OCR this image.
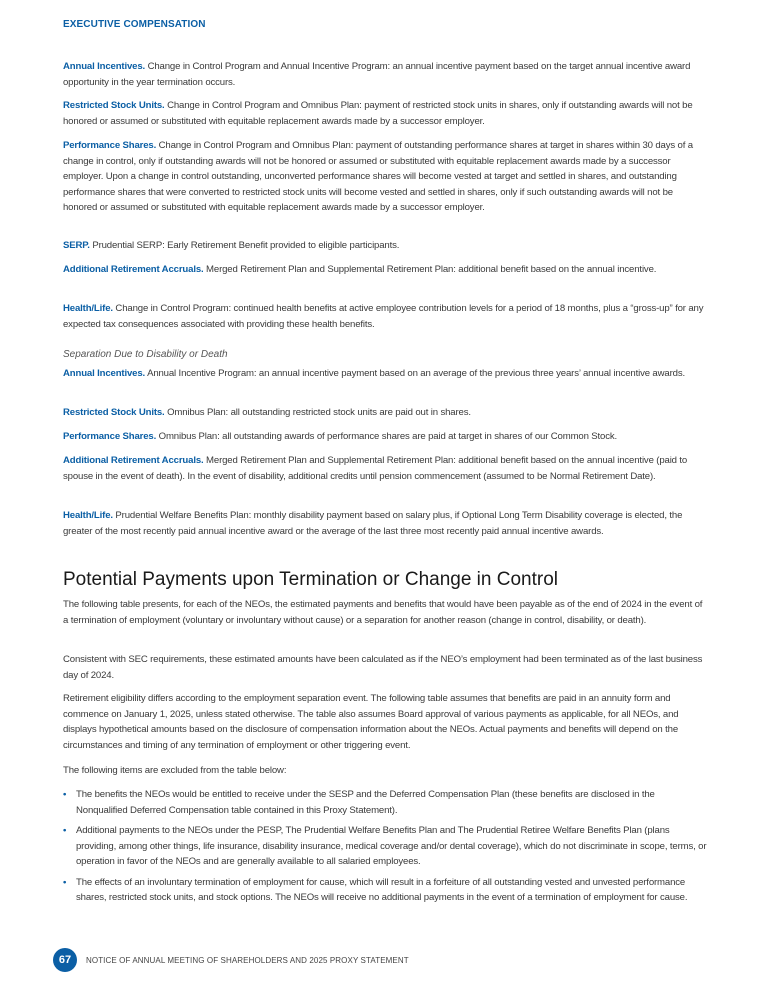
EXECUTIVE COMPENSATION

Annual Incentives. Change in Control Program and Annual Incentive Program: an annual incentive payment based on the target annual incentive award opportunity in the year termination occurs.

Restricted Stock Units. Change in Control Program and Omnibus Plan: payment of restricted stock units in shares, only if outstanding awards will not be honored or assumed or substituted with equitable replacement awards made by a successor employer.

Performance Shares. Change in Control Program and Omnibus Plan: payment of outstanding performance shares at target in shares within 30 days of a change in control, only if outstanding awards will not be honored or assumed or substituted with equitable replacement awards made by a successor employer. Upon a change in control outstanding, unconverted performance shares will become vested at target and settled in shares, and outstanding performance shares that were converted to restricted stock units will become vested and settled in shares, only if such outstanding awards will not be honored or assumed or substituted with equitable replacement awards made by a successor employer.

SERP. Prudential SERP: Early Retirement Benefit provided to eligible participants.

Additional Retirement Accruals. Merged Retirement Plan and Supplemental Retirement Plan: additional benefit based on the annual incentive.

Health/Life. Change in Control Program: continued health benefits at active employee contribution levels for a period of 18 months, plus a “gross-up” for any expected tax consequences associated with providing these health benefits.

Separation Due to Disability or Death

Annual Incentives. Annual Incentive Program: an annual incentive payment based on an average of the previous three years’ annual incentive awards.

Restricted Stock Units. Omnibus Plan: all outstanding restricted stock units are paid out in shares.

Performance Shares. Omnibus Plan: all outstanding awards of performance shares are paid at target in shares of our Common Stock.

Additional Retirement Accruals. Merged Retirement Plan and Supplemental Retirement Plan: additional benefit based on the annual incentive (paid to spouse in the event of death). In the event of disability, additional credits until pension commencement (assumed to be Normal Retirement Date).

Health/Life. Prudential Welfare Benefits Plan: monthly disability payment based on salary plus, if Optional Long Term Disability coverage is elected, the greater of the most recently paid annual incentive award or the average of the last three most recently paid annual incentive awards.

Potential Payments upon Termination or Change in Control

The following table presents, for each of the NEOs, the estimated payments and benefits that would have been payable as of the end of 2024 in the event of a termination of employment (voluntary or involuntary without cause) or a separation for another reason (change in control, disability, or death).

Consistent with SEC requirements, these estimated amounts have been calculated as if the NEO’s employment had been terminated as of the last business day of 2024.

Retirement eligibility differs according to the employment separation event. The following table assumes that benefits are paid in an annuity form and commence on January 1, 2025, unless stated otherwise. The table also assumes Board approval of various payments as applicable, for all NEOs, and displays hypothetical amounts based on the disclosure of compensation information about the NEOs. Actual payments and benefits will depend on the circumstances and timing of any termination of employment or other triggering event.

The following items are excluded from the table below:

• The benefits the NEOs would be entitled to receive under the SESP and the Deferred Compensation Plan (these benefits are disclosed in the Nonqualified Deferred Compensation table contained in this Proxy Statement).
• Additional payments to the NEOs under the PESP, The Prudential Welfare Benefits Plan and The Prudential Retiree Welfare Benefits Plan (plans providing, among other things, life insurance, disability insurance, medical coverage and/or dental coverage), which do not discriminate in scope, terms, or operation in favor of the NEOs and are generally available to all salaried employees.
• The effects of an involuntary termination of employment for cause, which will result in a forfeiture of all outstanding vested and unvested performance shares, restricted stock units, and stock options. The NEOs will receive no additional payments in the event of a termination of employment for cause.
67	NOTICE OF ANNUAL MEETING OF SHAREHOLDERS AND 2025 PROXY STATEMENT
